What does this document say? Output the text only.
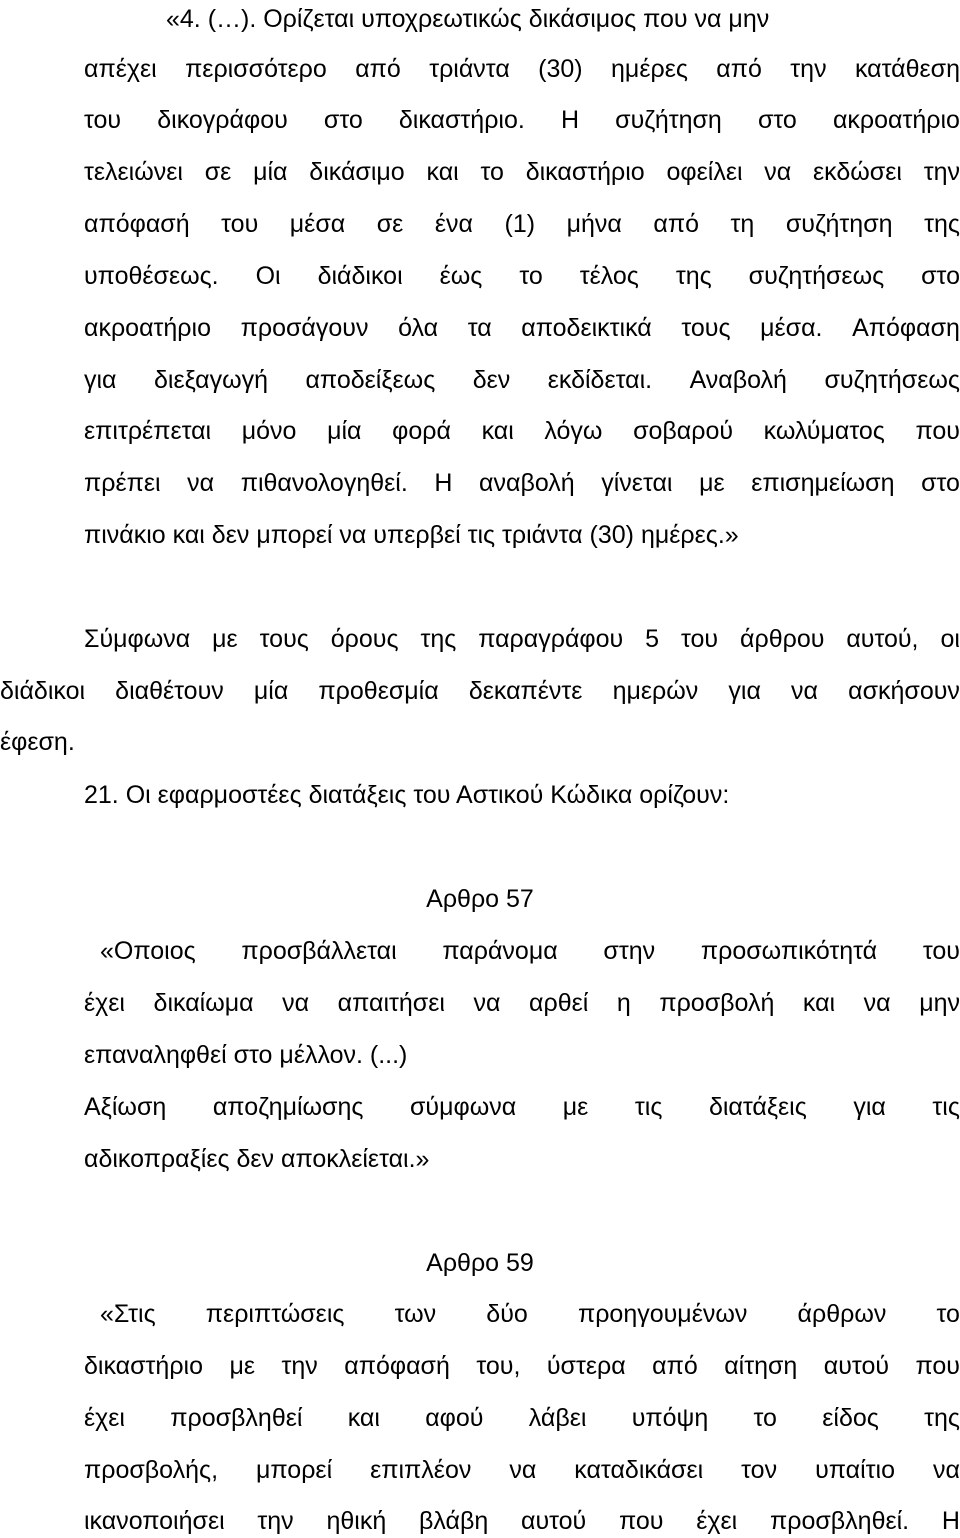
«4. (…). Ορίζεται υποχρεωτικώς δικάσιμος που να μην
απέχει περισσότερο από τριάντα (30) ημέρες από την κατάθεση
του δικογράφου στο δικαστήριο. Η συζήτηση στο ακροατήριο
τελειώνει σε μία δικάσιμο και το δικαστήριο οφείλει να εκδώσει την
απόφασή του μέσα σε ένα (1) μήνα από τη συζήτηση της
υποθέσεως. Οι διάδικοι έως το τέλος της συζητήσεως στο
ακροατήριο προσάγουν όλα τα αποδεικτικά τους μέσα. Απόφαση
για διεξαγωγή αποδείξεως δεν εκδίδεται. Αναβολή συζητήσεως
επιτρέπεται μόνο μία φορά και λόγω σοβαρού κωλύματος που
πρέπει να πιθανολογηθεί. Η αναβολή γίνεται με επισημείωση στο
πινάκιο και δεν μπορεί να υπερβεί τις τριάντα (30) ημέρες.»
Σύμφωνα με τους όρους της παραγράφου 5 του άρθρου αυτού, οι
διάδικοι διαθέτουν μία προθεσμία δεκαπέντε ημερών για να ασκήσουν
έφεση.
21. Οι εφαρμοστέες διατάξεις του Αστικού Κώδικα ορίζουν:
Αρθρο 57
«Οποιος προσβάλλεται παράνομα στην προσωπικότητά του
έχει δικαίωμα να απαιτήσει να αρθεί η προσβολή και να μην
επαναληφθεί στο μέλλον. (...)
Αξίωση αποζημίωσης σύμφωνα με τις διατάξεις για τις
αδικοπραξίες δεν αποκλείεται.»
Αρθρο 59
«Στις περιπτώσεις των δύο προηγουμένων άρθρων το
δικαστήριο με την απόφασή του, ύστερα από αίτηση αυτού που
έχει προσβληθεί και αφού λάβει υπόψη το είδος της
προσβολής, μπορεί επιπλέον να καταδικάσει τον υπαίτιο να
ικανοποιήσει την ηθική βλάβη αυτού που έχει προσβληθεί. Η
